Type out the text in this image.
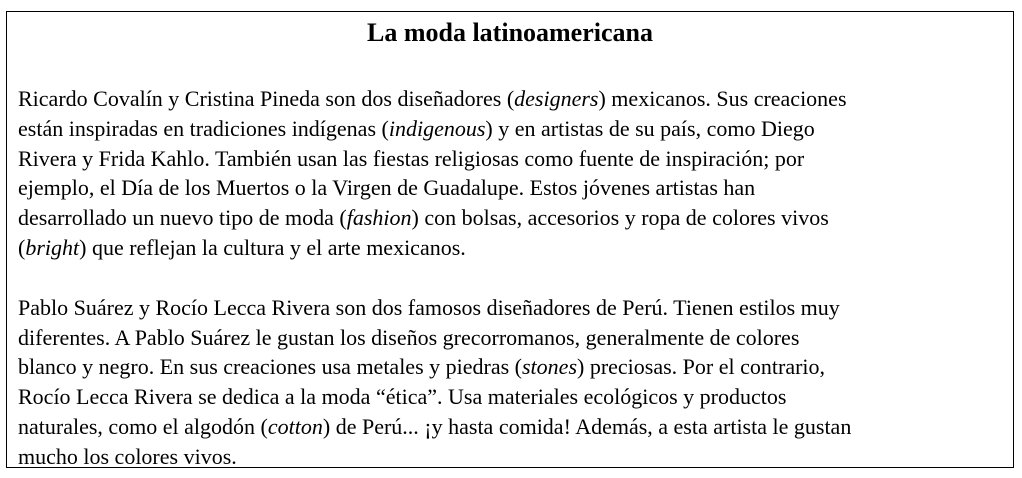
La moda latinoamericana

Ricardo Covalín y Cristina Pineda son dos diseñadores (designers) mexicanos. Sus creaciones
están inspiradas en tradiciones indígenas (indigenous) y en artistas de su país, como Diego
Rivera y Frida Kahlo. También usan las fiestas religiosas como fuente de inspiración; por
ejemplo, el Día de los Muertos o la Virgen de Guadalupe. Estos jóvenes artistas han
desarrollado un nuevo tipo de moda (fashion) con bolsas, accesorios y ropa de colores vivos
(bright) que reflejan la cultura y el arte mexicanos.

Pablo Suárez y Rocío Lecca Rivera son dos famosos diseñadores de Perú. Tienen estilos muy
diferentes. A Pablo Suárez le gustan los diseños grecorromanos, generalmente de colores
blanco y negro. En sus creaciones usa metales y piedras (stones) preciosas. Por el contrario,
Rocío Lecca Rivera se dedica a la moda “ética”. Usa materiales ecológicos y productos
naturales, como el algodón (cotton) de Perú... ¡y hasta comida! Además, a esta artista le gustan
mucho los colores vivos.
